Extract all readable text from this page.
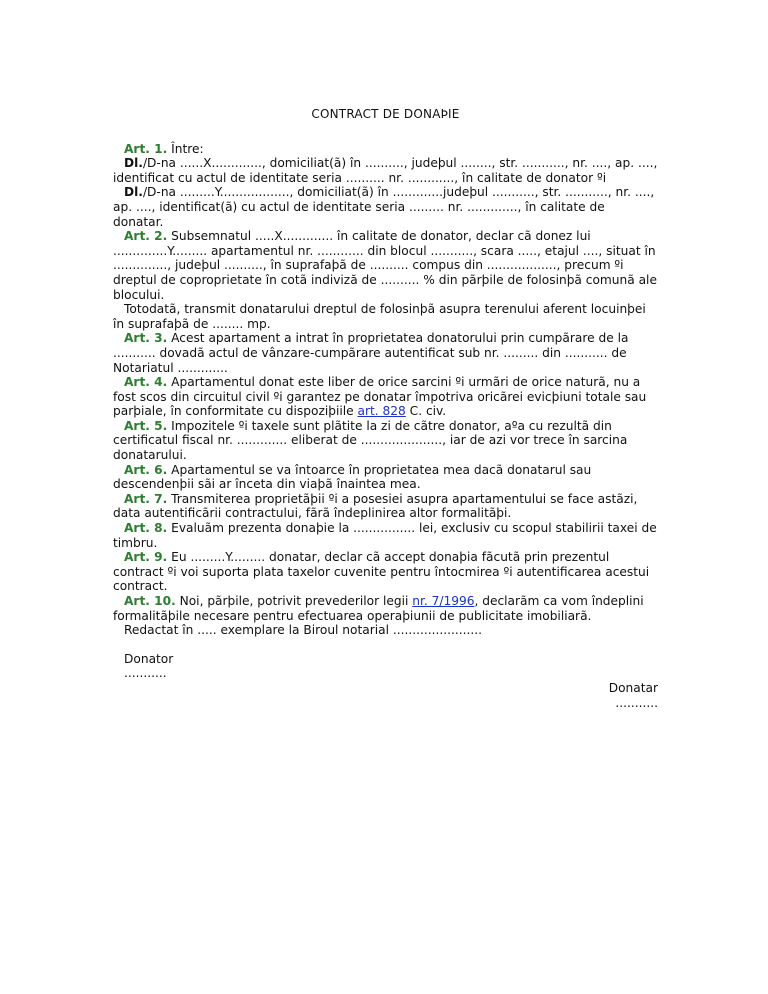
CONTRACT DE DONAÞIE

Art. 1. Între:

Dl./D-na ......X............., domiciliat(ã) în .........., judeþul ........, str. ..........., nr. ...., ap. ...., identificat cu actul de identitate seria .......... nr. ............, în calitate de donator ºi

Dl./D-na .........Y.................., domiciliat(ã) în .............judeþul ..........., str. ..........., nr. ...., ap. ...., identificat(ã) cu actul de identitate seria ......... nr. ............., în calitate de donatar.

Art. 2. Subsemnatul .....X............. în calitate de donator, declar cã donez lui ..............Y......... apartamentul nr. ............ din blocul ..........., scara ....., etajul ...., situat în .............., judeþul .........., în suprafaþã de .......... compus din .................., precum ºi dreptul de coproprietate în cotã indiviză de .......... % din pãrþile de folosinþã comunã ale blocului.

Totodatã, transmit donatarului dreptul de folosinþã asupra terenului aferent locuinþei în suprafaþã de ........ mp.

Art. 3. Acest apartament a intrat în proprietatea donatorului prin cumpãrare de la ........... dovadã actul de vânzare-cumpãrare autentificat sub nr. ......... din ........... de Notariatul .............

Art. 4. Apartamentul donat este liber de orice sarcini ºi urmãri de orice naturã, nu a fost scos din circuitul civil ºi garantez pe donatar împotriva oricãrei evicþiuni totale sau parþiale, în conformitate cu dispoziþiile art. 828 C. civ.

Art. 5. Impozitele ºi taxele sunt plãtite la zi de cãtre donator, aºa cu rezultã din certificatul fiscal nr. ............. eliberat de ....................., iar de azi vor trece în sarcina donatarului.

Art. 6. Apartamentul se va întoarce în proprietatea mea dacã donatarul sau descendenþii sãi ar înceta din viaþã înaintea mea.

Art. 7. Transmiterea proprietãþii ºi a posesiei asupra apartamentului se face astãzi, data autentificãrii contractului, fãrã îndeplinirea altor formalitãþi.

Art. 8. Evaluãm prezenta donaþie la ................ lei, exclusiv cu scopul stabilirii taxei de timbru.

Art. 9. Eu .........Y......... donatar, declar cã accept donaþia fãcutã prin prezentul contract ºi voi suporta plata taxelor cuvenite pentru întocmirea ºi autentificarea acestui contract.

Art. 10. Noi, pãrþile, potrivit prevederilor legii nr. 7/1996, declarãm ca vom îndeplini formalitãþile necesare pentru efectuarea operaþiunii de publicitate imobiliarã.

Redactat în ..... exemplare la Biroul notarial .......................

Donator
...........
Donatar
...........
